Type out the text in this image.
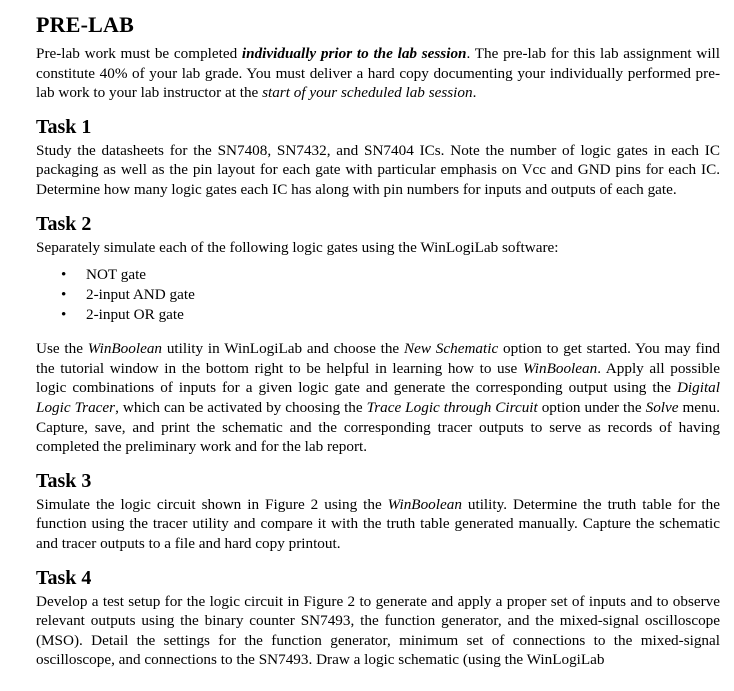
PRE-LAB

Pre-lab work must be completed individually prior to the lab session. The pre-lab for this lab assignment will constitute 40% of your lab grade. You must deliver a hard copy documenting your individually performed pre-lab work to your lab instructor at the start of your scheduled lab session.

Task 1

Study the datasheets for the SN7408, SN7432, and SN7404 ICs. Note the number of logic gates in each IC packaging as well as the pin layout for each gate with particular emphasis on Vcc and GND pins for each IC. Determine how many logic gates each IC has along with pin numbers for inputs and outputs of each gate.

Task 2

Separately simulate each of the following logic gates using the WinLogiLab software:

• NOT gate
• 2-input AND gate
• 2-input OR gate

Use the WinBoolean utility in WinLogiLab and choose the New Schematic option to get started. You may find the tutorial window in the bottom right to be helpful in learning how to use WinBoolean. Apply all possible logic combinations of inputs for a given logic gate and generate the corresponding output using the Digital Logic Tracer, which can be activated by choosing the Trace Logic through Circuit option under the Solve menu. Capture, save, and print the schematic and the corresponding tracer outputs to serve as records of having completed the preliminary work and for the lab report.

Task 3

Simulate the logic circuit shown in Figure 2 using the WinBoolean utility. Determine the truth table for the function using the tracer utility and compare it with the truth table generated manually. Capture the schematic and tracer outputs to a file and hard copy printout.

Task 4

Develop a test setup for the logic circuit in Figure 2 to generate and apply a proper set of inputs and to observe relevant outputs using the binary counter SN7493, the function generator, and the mixed-signal oscilloscope (MSO). Detail the settings for the function generator, minimum set of connections to the mixed-signal oscilloscope, and connections to the SN7493. Draw a logic schematic (using the WinLogiLab
